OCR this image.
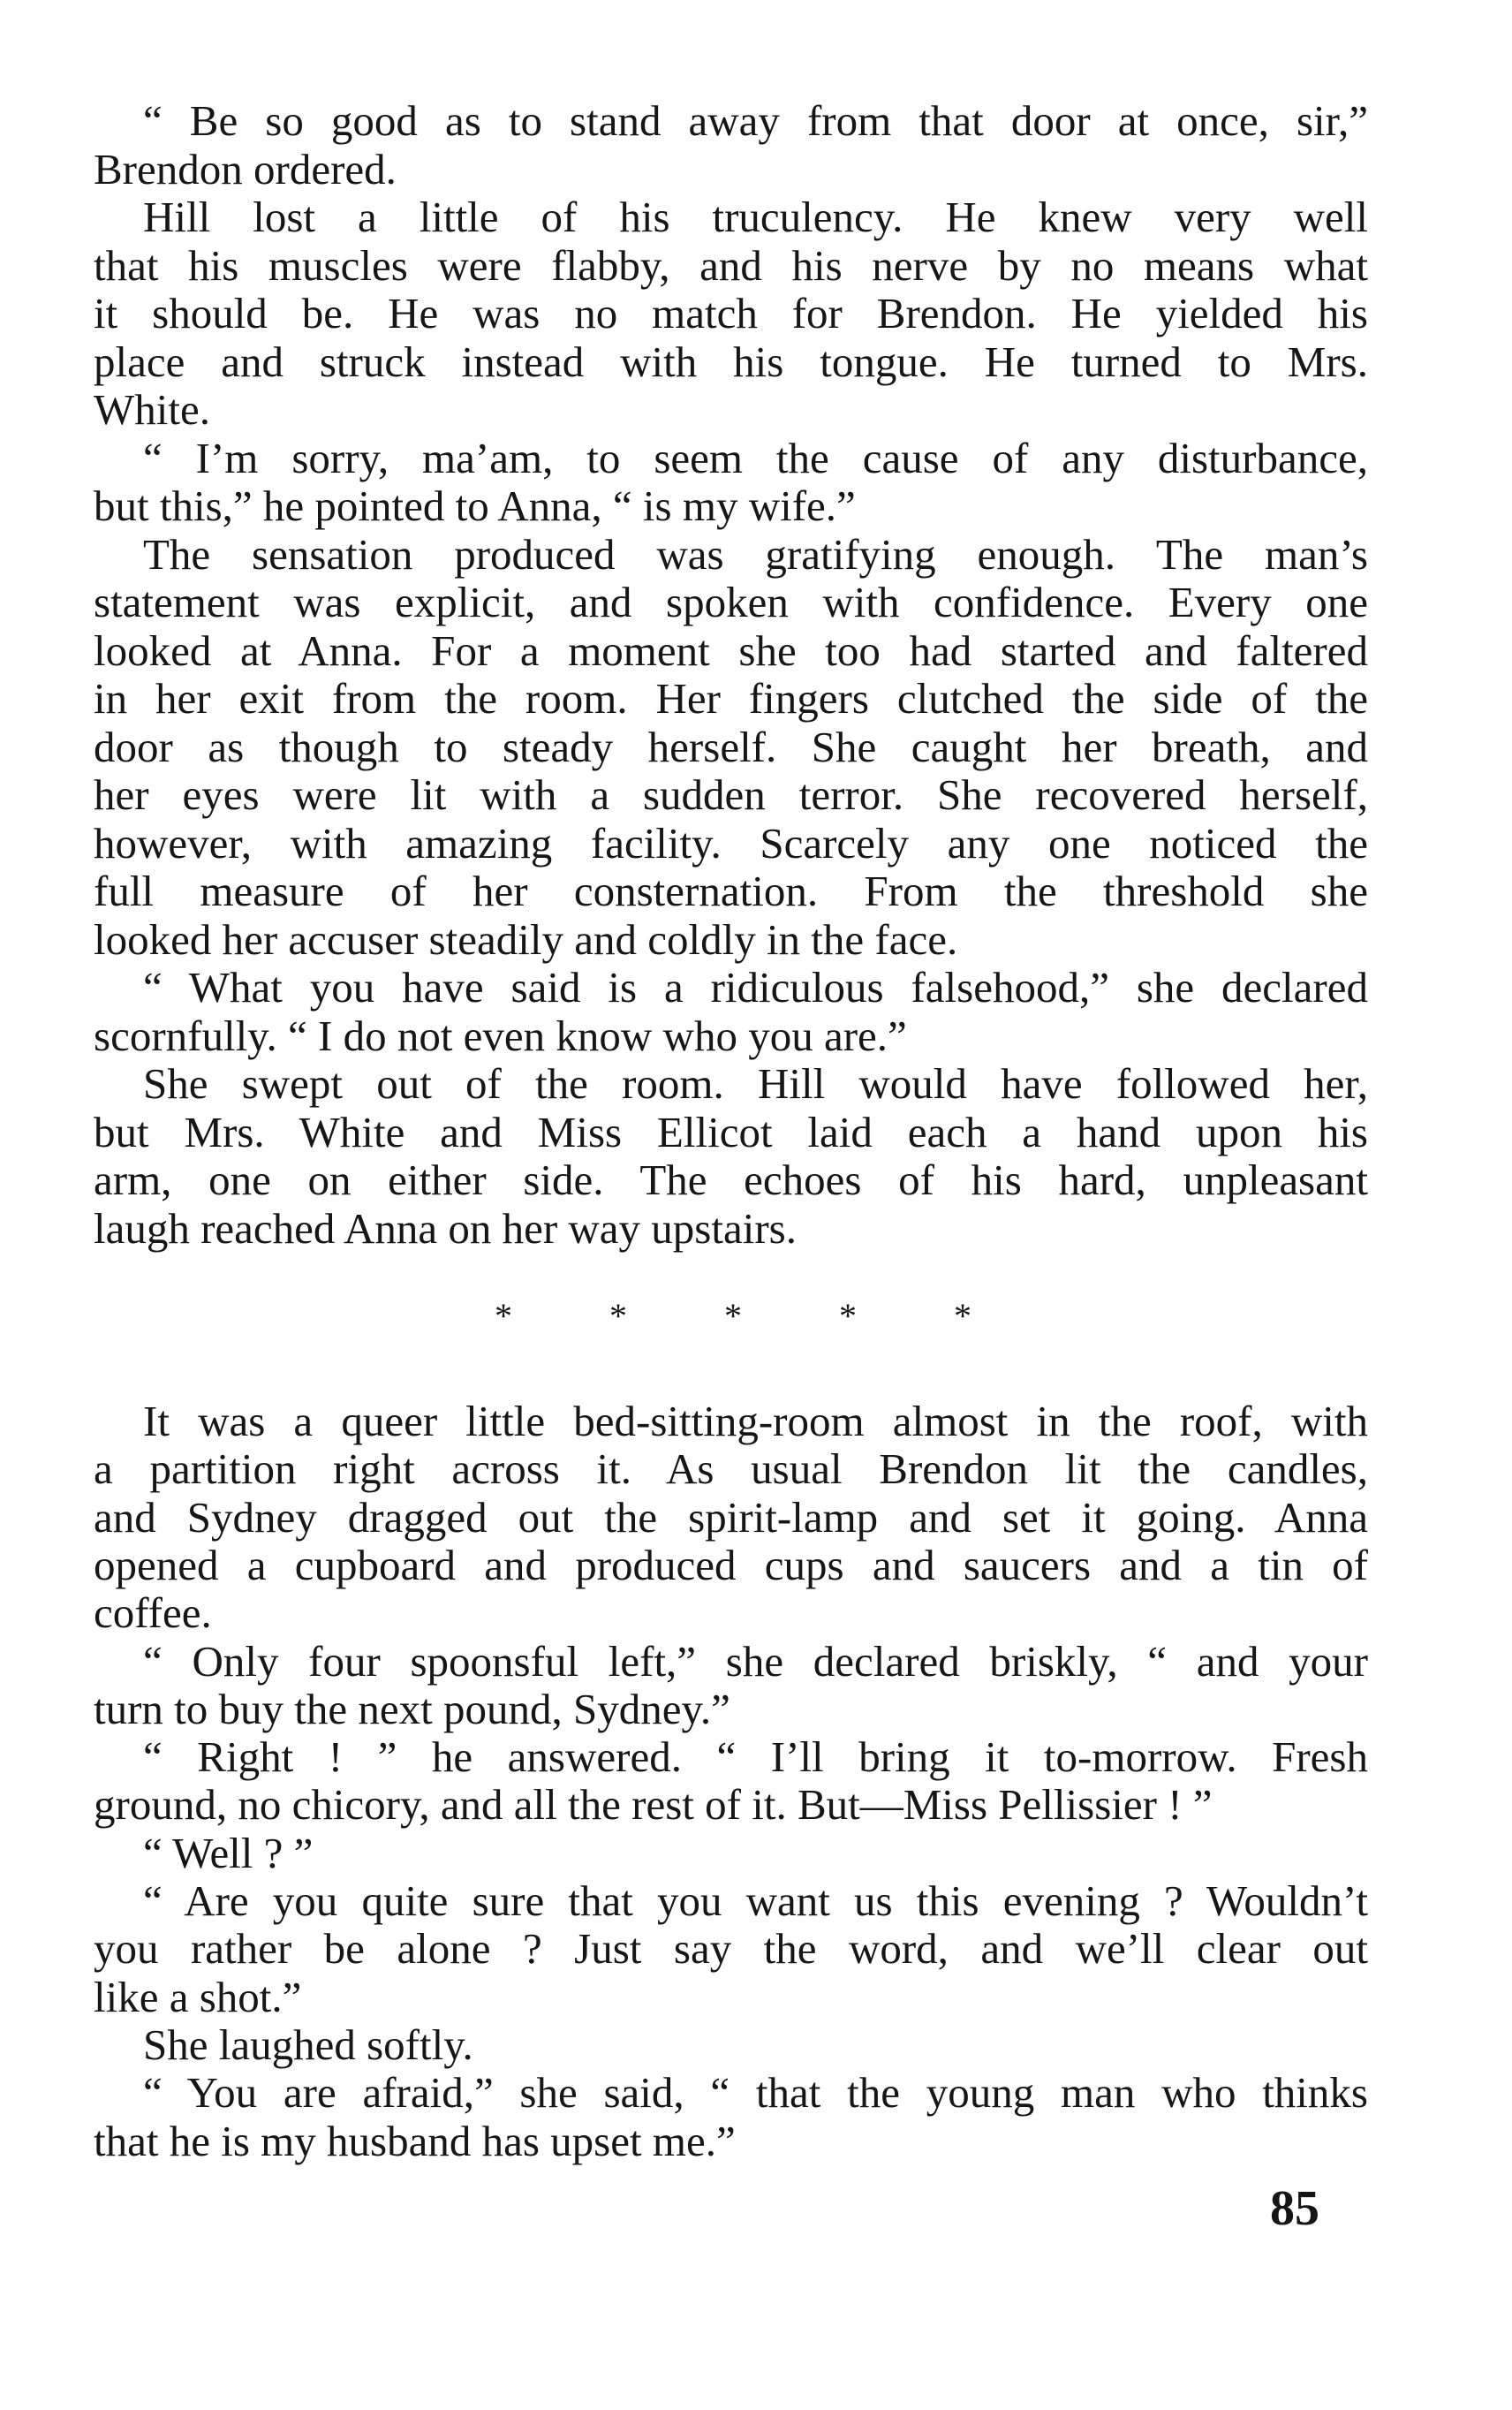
“ Be so good as to stand away from that door at once, sir,”
Brendon ordered.
Hill lost a little of his truculency. He knew very well
that his muscles were flabby, and his nerve by no means what
it should be. He was no match for Brendon. He yielded his
place and struck instead with his tongue. He turned to Mrs.
White.
“ I’m sorry, ma’am, to seem the cause of any disturbance,
but this,” he pointed to Anna, “ is my wife.”
The sensation produced was gratifying enough. The man’s
statement was explicit, and spoken with confidence. Every one
looked at Anna. For a moment she too had started and faltered
in her exit from the room. Her fingers clutched the side of the
door as though to steady herself. She caught her breath, and
her eyes were lit with a sudden terror. She recovered herself,
however, with amazing facility. Scarcely any one noticed the
full measure of her consternation. From the threshold she
looked her accuser steadily and coldly in the face.
“ What you have said is a ridiculous falsehood,” she declared
scornfully. “ I do not even know who you are.”
She swept out of the room. Hill would have followed her,
but Mrs. White and Miss Ellicot laid each a hand upon his
arm, one on either side. The echoes of his hard, unpleasant
laugh reached Anna on her way upstairs.
It was a queer little bed-sitting-room almost in the roof, with
a partition right across it. As usual Brendon lit the candles,
and Sydney dragged out the spirit-lamp and set it going. Anna
opened a cupboard and produced cups and saucers and a tin of
coffee.
“ Only four spoonsful left,” she declared briskly, “ and your
turn to buy the next pound, Sydney.”
“ Right ! ” he answered. “ I’ll bring it to-morrow. Fresh
ground, no chicory, and all the rest of it. But—Miss Pellissier ! ”
“ Well ? ”
“ Are you quite sure that you want us this evening ? Wouldn’t
you rather be alone ? Just say the word, and we’ll clear out
like a shot.”
She laughed softly.
“ You are afraid,” she said, “ that the young man who thinks
that he is my husband has upset me.”
*	*	*	*	*
85
